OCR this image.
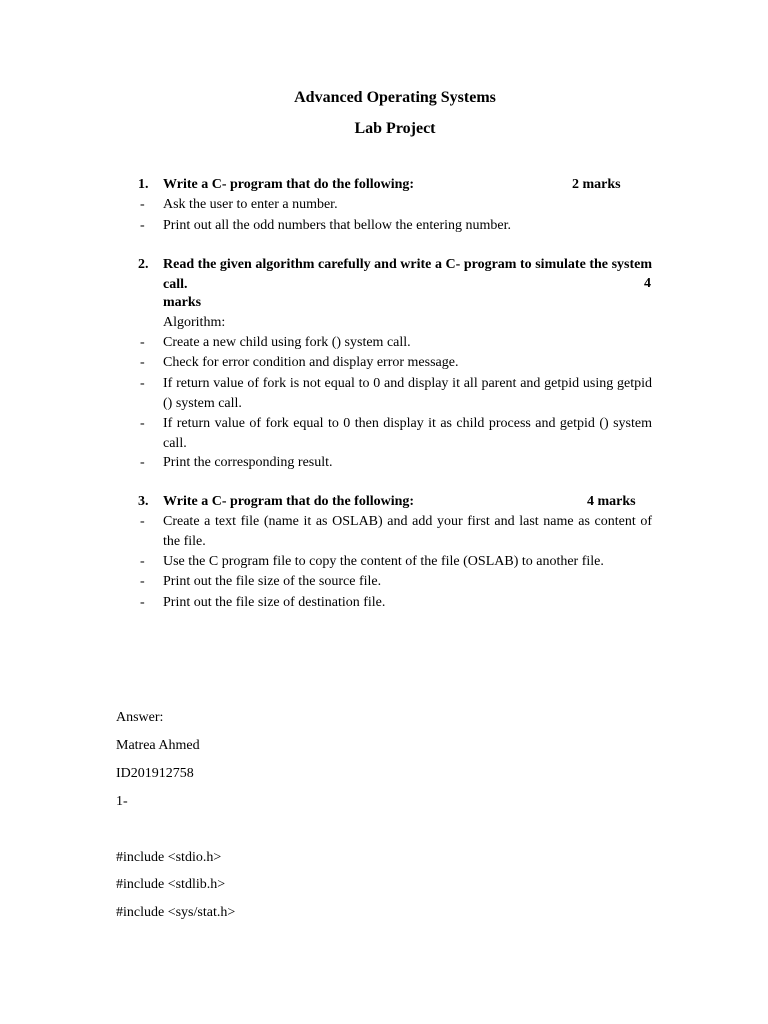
Advanced Operating Systems
Lab Project
1. Write a C- program that do the following:	2 marks
- Ask the user to enter a number.
- Print out all the odd numbers that bellow the entering number.
2. Read the given algorithm carefully and write a C- program to simulate the system call.	4
marks
Algorithm:
- Create a new child using fork () system call.
- Check for error condition and display error message.
- If return value of fork is not equal to 0 and display it all parent and getpid using getpid () system call.
- If return value of fork equal to 0 then display it as child process and getpid () system call.
- Print the corresponding result.
3. Write a C- program that do the following:	4 marks
- Create a text file (name it as OSLAB) and add your first and last name as content of the file.
- Use the C program file to copy the content of the file (OSLAB) to another file.
- Print out the file size of the source file.
- Print out the file size of destination file.
Answer:
Matrea Ahmed
ID201912758
1-
#include <stdio.h>
#include <stdlib.h>
#include <sys/stat.h>
